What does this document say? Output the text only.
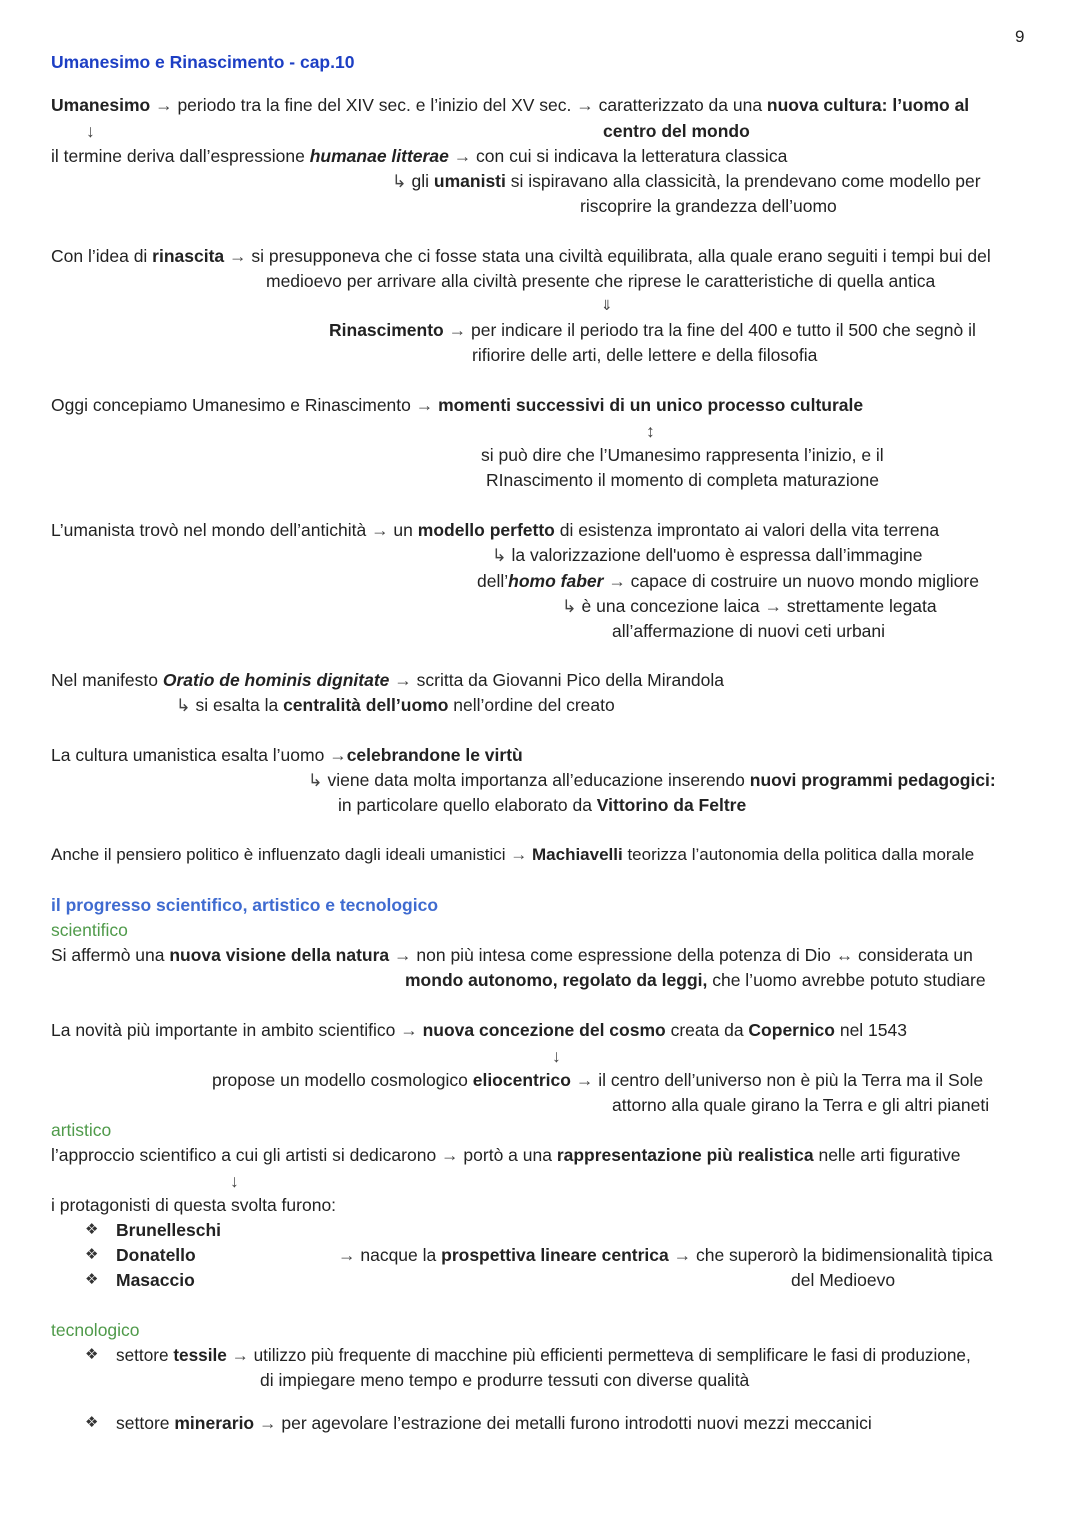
9
Umanesimo e Rinascimento - cap.10
Umanesimo → periodo tra la fine del XIV sec. e l’inizio del XV sec. → caratterizzato da una nuova cultura: l’uomo al
↓	centro del mondo
il termine deriva dall’espressione humanae litterae → con cui si indicava la letteratura classica
↳ gli umanisti si ispiravano alla classicità, la prendevano come modello per
riscoprire la grandezza dell’uomo
Con l’idea di rinascita → si presupponeva che ci fosse stata una civiltà equilibrata, alla quale erano seguiti i tempi bui del
medioevo per arrivare alla civiltà presente che riprese le caratteristiche di quella antica
⇓
Rinascimento → per indicare il periodo tra la fine del 400 e tutto il 500 che segnò il
rifiorire delle arti, delle lettere e della filosofia
Oggi concepiamo Umanesimo e Rinascimento → momenti successivi di un unico processo culturale
↕
si può dire che l’Umanesimo rappresenta l’inizio, e il
RInascimento il momento di completa maturazione
L’umanista trovò nel mondo dell’antichità → un modello perfetto di esistenza improntato ai valori della vita terrena
↳ la valorizzazione dell'uomo è espressa dall’immagine
dell’homo faber → capace di costruire un nuovo mondo migliore
↳ è una concezione laica → strettamente legata
all’affermazione di nuovi ceti urbani
Nel manifesto Oratio de hominis dignitate → scritta da Giovanni Pico della Mirandola
↳ si esalta la centralità dell’uomo nell’ordine del creato
La cultura umanistica esalta l’uomo →celebrandone le virtù
↳ viene data molta importanza all’educazione inserendo nuovi programmi pedagogici:
in particolare quello elaborato da Vittorino da Feltre
Anche il pensiero politico è influenzato dagli ideali umanistici → Machiavelli teorizza l’autonomia della politica dalla morale
il progresso scientifico, artistico e tecnologico
scientifico
Si affermò una nuova visione della natura → non più intesa come espressione della potenza di Dio ↔ considerata un
mondo autonomo, regolato da leggi, che l’uomo avrebbe potuto studiare
La novità più importante in ambito scientifico → nuova concezione del cosmo creata da Copernico nel 1543
↓
propose un modello cosmologico eliocentrico → il centro dell’universo non è più la Terra ma il Sole
attorno alla quale girano la Terra e gli altri pianeti
artistico
l’approccio scientifico a cui gli artisti si dedicarono → portò a una rappresentazione più realistica nelle arti figurative
↓
i protagonisti di questa svolta furono:
❖ Brunelleschi
❖ Donatello
❖ Masaccio
→ nacque la prospettiva lineare centrica → che superorò la bidimensionalità tipica
del Medioevo
tecnologico
❖ settore tessile → utilizzo più frequente di macchine più efficienti permetteva di semplificare le fasi di produzione,
di impiegare meno tempo e produrre tessuti con diverse qualità
❖ settore minerario → per agevolare l’estrazione dei metalli furono introdotti nuovi mezzi meccanici
